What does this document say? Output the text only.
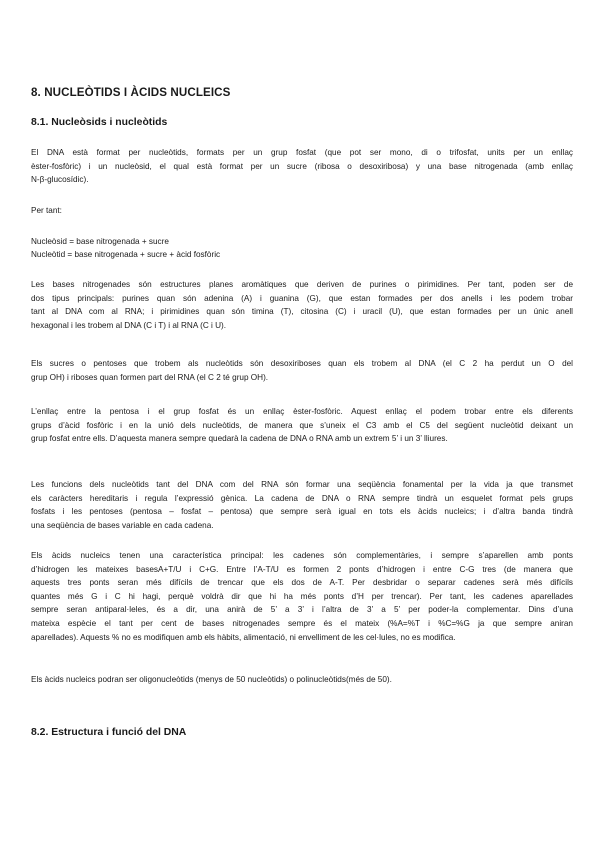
8. NUCLEÒTIDS I ÀCIDS NUCLEICS
8.1. Nucleòsids i nucleòtids
El DNA està format per nucleòtids, formats per un grup fosfat (que pot ser mono, di o trifosfat, units per un enllaç
èster-fosfòric) i un nucleòsid, el qual està format per un sucre (ribosa o desoxiribosa) y una base nitrogenada (amb enllaç
N-β-glucosídic).
Per tant:
Nucleòsid = base nitrogenada + sucre
Nucleòtid = base nitrogenada + sucre + àcid fosfòric
Les bases nitrogenades són estructures planes aromàtiques que deriven de purines o pirimidines. Per tant, poden ser de
dos tipus principals: purines quan són adenina (A) i guanina (G), que estan formades per dos anells i les podem trobar
tant al DNA com al RNA; i pirimidines quan són timina (T), citosina (C) i uracil (U), que estan formades per un únic anell
hexagonal i les trobem al DNA (C i T) i al RNA (C i U).
Els sucres o pentoses que trobem als nucleòtids són desoxiriboses quan els trobem al DNA (el C 2 ha perdut un O del
grup OH) i riboses quan formen part del RNA (el C 2 té grup OH).
L’enllaç entre la pentosa i el grup fosfat és un enllaç èster-fosfòric. Aquest enllaç el podem trobar entre els diferents
grups d’àcid fosfòric i en la unió dels nucleòtids, de manera que s’uneix el C3 amb el C5 del següent nucleòtid deixant un
grup fosfat entre ells. D’aquesta manera sempre quedarà la cadena de DNA o RNA amb un extrem 5’ i un 3’ lliures.
Les funcions dels nucleòtids tant del DNA com del RNA són formar una seqüència fonamental per la vida ja que transmet
els caràcters hereditaris i regula l’expressió gènica. La cadena de DNA o RNA sempre tindrà un esquelet format pels grups
fosfats i les pentoses (pentosa – fosfat – pentosa) que sempre serà igual en tots els àcids nucleics; i d’altra banda tindrà
una seqüència de bases variable en cada cadena.
Els àcids nucleics tenen una característica principal: les cadenes són complementàries, i sempre s’aparellen amb ponts
d’hidrogen les mateixes basesA+T/U i C+G. Entre l’A-T/U es formen 2 ponts d’hidrogen i entre C-G tres (de manera que
aquests tres ponts seran més difícils de trencar que els dos de A-T. Per desbridar o separar cadenes serà més difícils
quantes més G i C hi hagi, perquè voldrà dir que hi ha més ponts d’H per trencar). Per tant, les cadenes aparellades
sempre seran antiparal·leles, és a dir, una anirà de 5’ a 3’ i l’altra de 3’ a 5’ per poder-la complementar. Dins d’una
mateixa espècie el tant per cent de bases nitrogenades sempre és el mateix (%A=%T i %C=%G ja que sempre aniran
aparellades). Aquests % no es modifiquen amb els hàbits, alimentació, ni envelliment de les cel·lules, no es modifica.
Els àcids nucleics podran ser oligonucleòtids (menys de 50 nucleòtids) o polinucleòtids(més de 50).
8.2. Estructura i funció del DNA
